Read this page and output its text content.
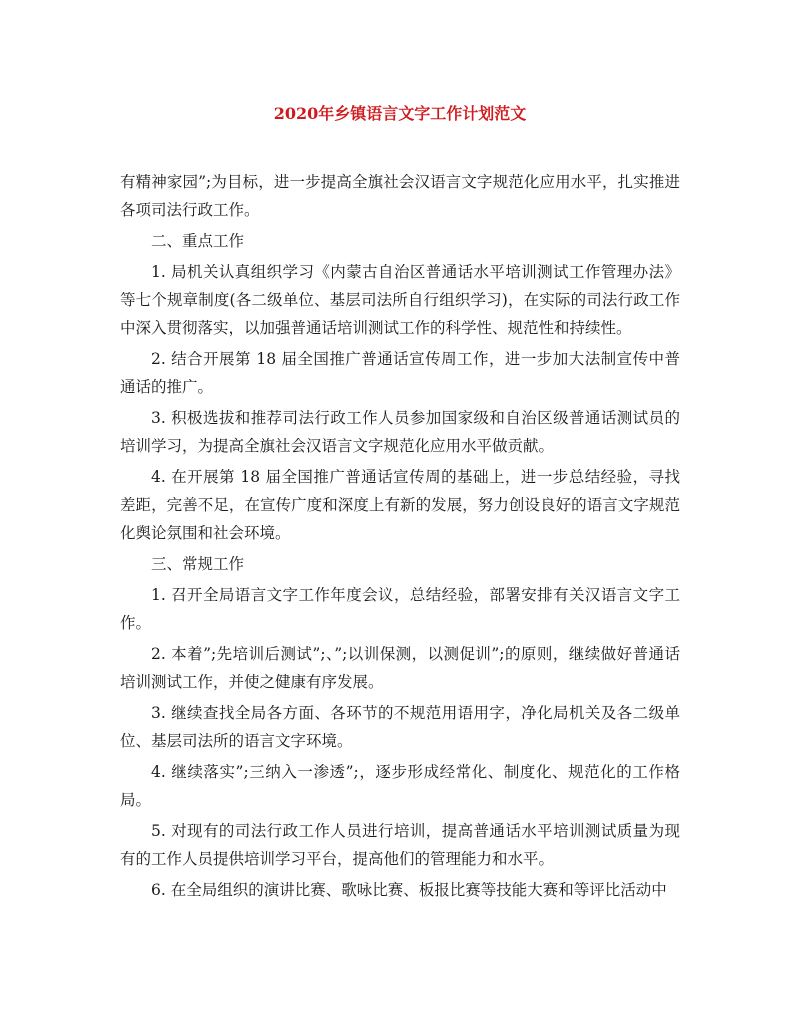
2020年乡镇语言文字工作计划范文

有精神家园”;为目标，进一步提高全旗社会汉语言文字规范化应用水平，扎实推进各项司法行政工作。

二、重点工作

1. 局机关认真组织学习《内蒙古自治区普通话水平培训测试工作管理办法》等七个规章制度(各二级单位、基层司法所自行组织学习)，在实际的司法行政工作中深入贯彻落实，以加强普通话培训测试工作的科学性、规范性和持续性。

2. 结合开展第 18 届全国推广普通话宣传周工作，进一步加大法制宣传中普通话的推广。

3. 积极选拔和推荐司法行政工作人员参加国家级和自治区级普通话测试员的培训学习，为提高全旗社会汉语言文字规范化应用水平做贡献。

4. 在开展第 18 届全国推广普通话宣传周的基础上，进一步总结经验，寻找差距，完善不足，在宣传广度和深度上有新的发展，努力创设良好的语言文字规范化舆论氛围和社会环境。

三、常规工作

1. 召开全局语言文字工作年度会议，总结经验，部署安排有关汉语言文字工作。

2. 本着”;先培训后测试”;、”;以训保测，以测促训”;的原则，继续做好普通话培训测试工作，并使之健康有序发展。

3. 继续查找全局各方面、各环节的不规范用语用字，净化局机关及各二级单位、基层司法所的语言文字环境。

4. 继续落实”;三纳入一渗透”;，逐步形成经常化、制度化、规范化的工作格局。

5. 对现有的司法行政工作人员进行培训，提高普通话水平培训测试质量为现有的工作人员提供培训学习平台，提高他们的管理能力和水平。

6. 在全局组织的演讲比赛、歌咏比赛、板报比赛等技能大赛和等评比活动中
